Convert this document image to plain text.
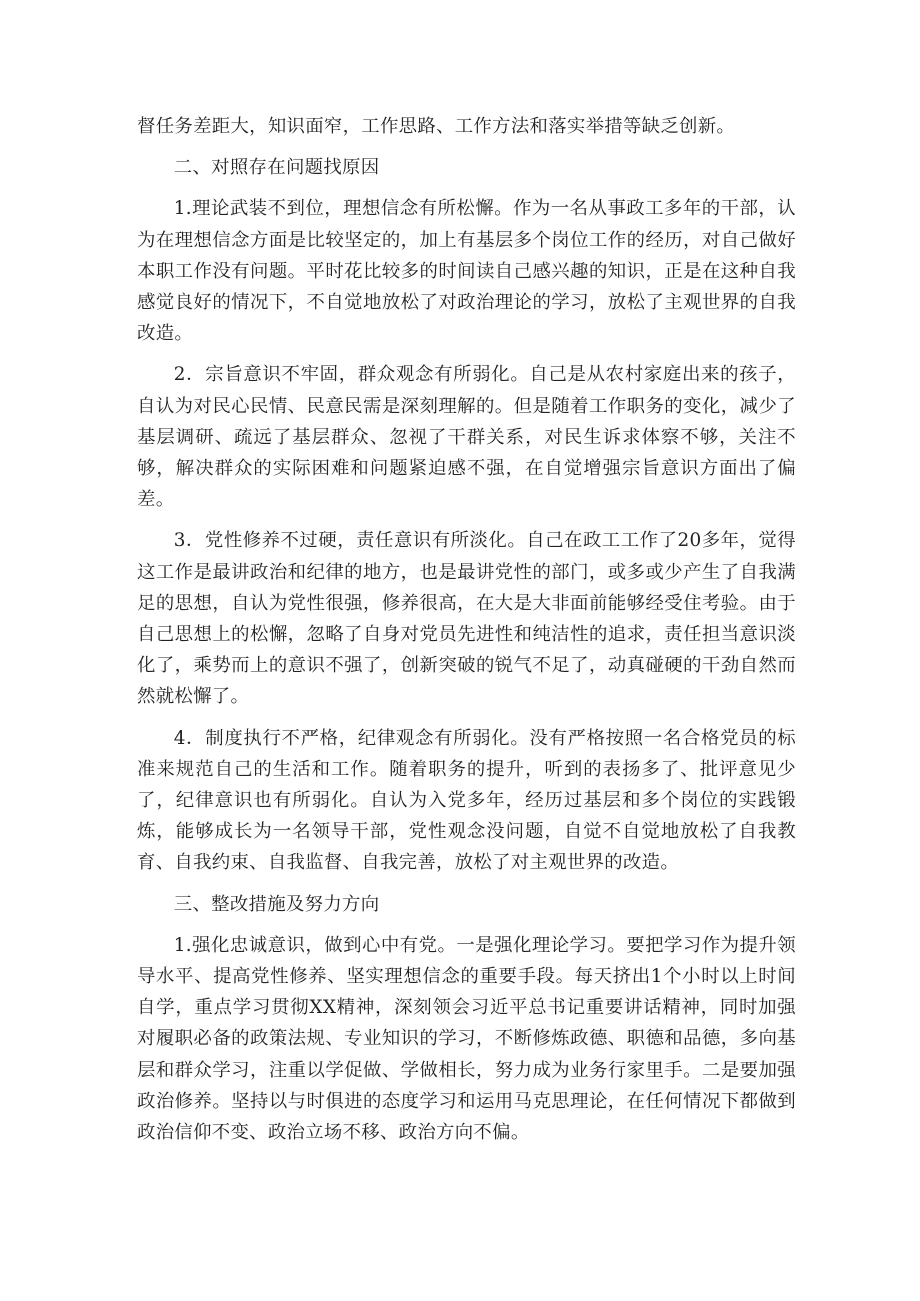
督任务差距大，知识面窄，工作思路、工作方法和落实举措等缺乏创新。

二、对照存在问题找原因

1.理论武装不到位，理想信念有所松懈。作为一名从事政工多年的干部，认为在理想信念方面是比较坚定的，加上有基层多个岗位工作的经历，对自己做好本职工作没有问题。平时花比较多的时间读自己感兴趣的知识，正是在这种自我感觉良好的情况下，不自觉地放松了对政治理论的学习，放松了主观世界的自我改造。

2．宗旨意识不牢固，群众观念有所弱化。自己是从农村家庭出来的孩子，自认为对民心民情、民意民需是深刻理解的。但是随着工作职务的变化，减少了基层调研、疏远了基层群众、忽视了干群关系，对民生诉求体察不够，关注不够，解决群众的实际困难和问题紧迫感不强，在自觉增强宗旨意识方面出了偏差。

3．党性修养不过硬，责任意识有所淡化。自己在政工工作了20多年，觉得这工作是最讲政治和纪律的地方，也是最讲党性的部门，或多或少产生了自我满足的思想，自认为党性很强，修养很高，在大是大非面前能够经受住考验。由于自己思想上的松懈，忽略了自身对党员先进性和纯洁性的追求，责任担当意识淡化了，乘势而上的意识不强了，创新突破的锐气不足了，动真碰硬的干劲自然而然就松懈了。

4．制度执行不严格，纪律观念有所弱化。没有严格按照一名合格党员的标准来规范自己的生活和工作。随着职务的提升，听到的表扬多了、批评意见少了，纪律意识也有所弱化。自认为入党多年，经历过基层和多个岗位的实践锻炼，能够成长为一名领导干部，党性观念没问题，自觉不自觉地放松了自我教育、自我约束、自我监督、自我完善，放松了对主观世界的改造。

三、整改措施及努力方向

1.强化忠诚意识，做到心中有党。一是强化理论学习。要把学习作为提升领导水平、提高党性修养、坚实理想信念的重要手段。每天挤出1个小时以上时间自学，重点学习贯彻XX精神，深刻领会习近平总书记重要讲话精神，同时加强对履职必备的政策法规、专业知识的学习，不断修炼政德、职德和品德，多向基层和群众学习，注重以学促做、学做相长，努力成为业务行家里手。二是要加强政治修养。坚持以与时俱进的态度学习和运用马克思理论，在任何情况下都做到政治信仰不变、政治立场不移、政治方向不偏。
